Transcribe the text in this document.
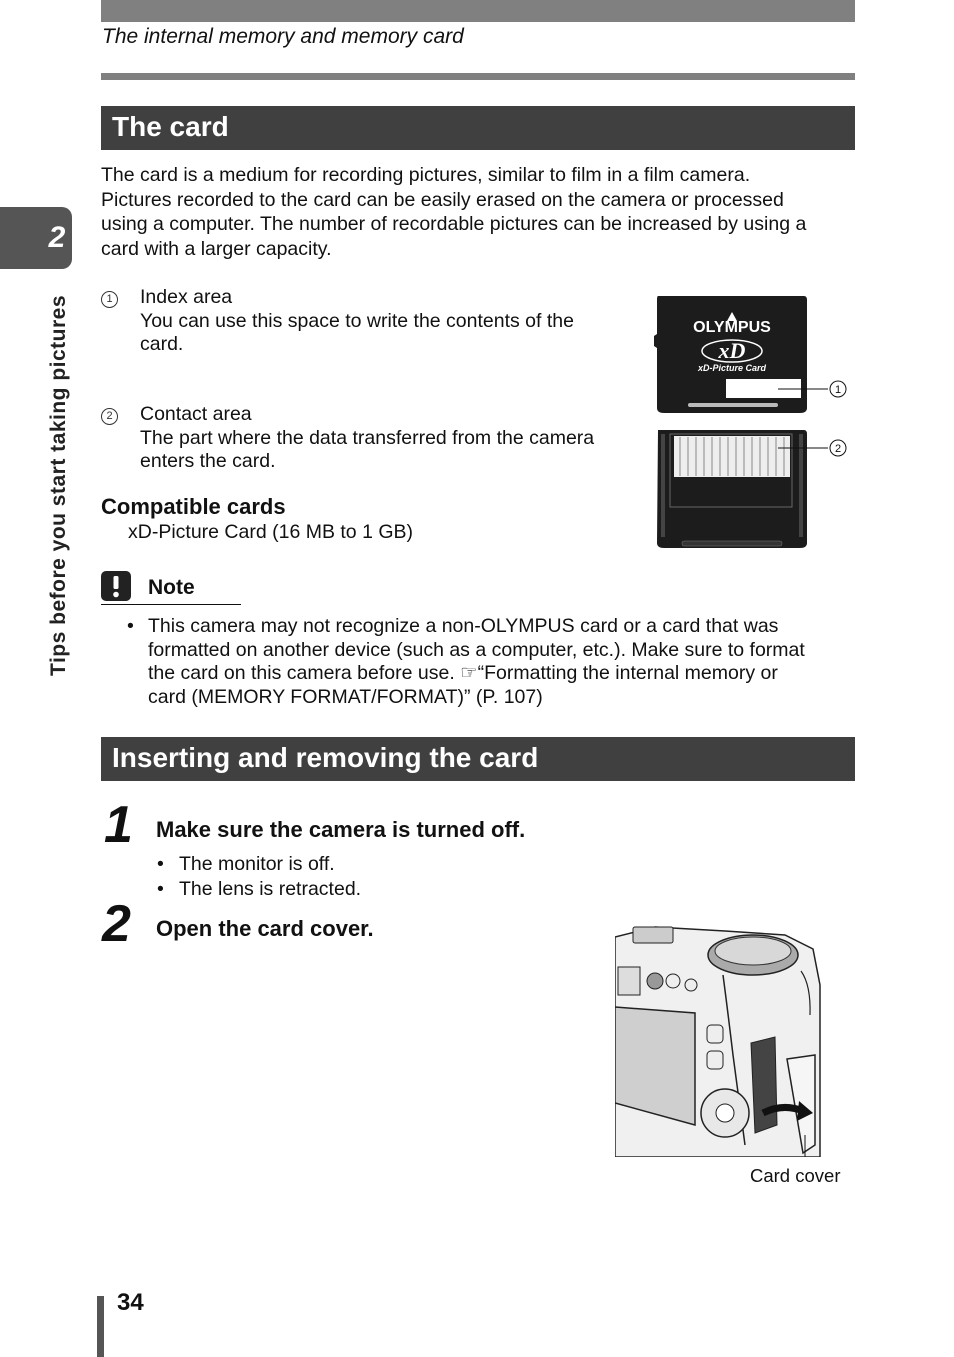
The internal memory and memory card
2
Tips before you start taking pictures
The card
The card is a medium for recording pictures, similar to film in a film camera.
Pictures recorded to the card can be easily erased on the camera or processed
using a computer. The number of recordable pictures can be increased by using a
card with a larger capacity.
1 Index area
You can use this space to write the contents of the
card.
2 Contact area
The part where the data transferred from the camera
enters the card.
Compatible cards
xD-Picture Card (16 MB to 1 GB)
OLYMPUS
xD
xD-Picture Card
1
2
Note
• This camera may not recognize a non-OLYMPUS card or a card that was
formatted on another device (such as a computer, etc.). Make sure to format
the card on this camera before use. ☞“Formatting the internal memory or
card (MEMORY FORMAT/FORMAT)” (P. 107)
Inserting and removing the card
1 Make sure the camera is turned off.
• The monitor is off.
• The lens is retracted.
2 Open the card cover.
Card cover
34
